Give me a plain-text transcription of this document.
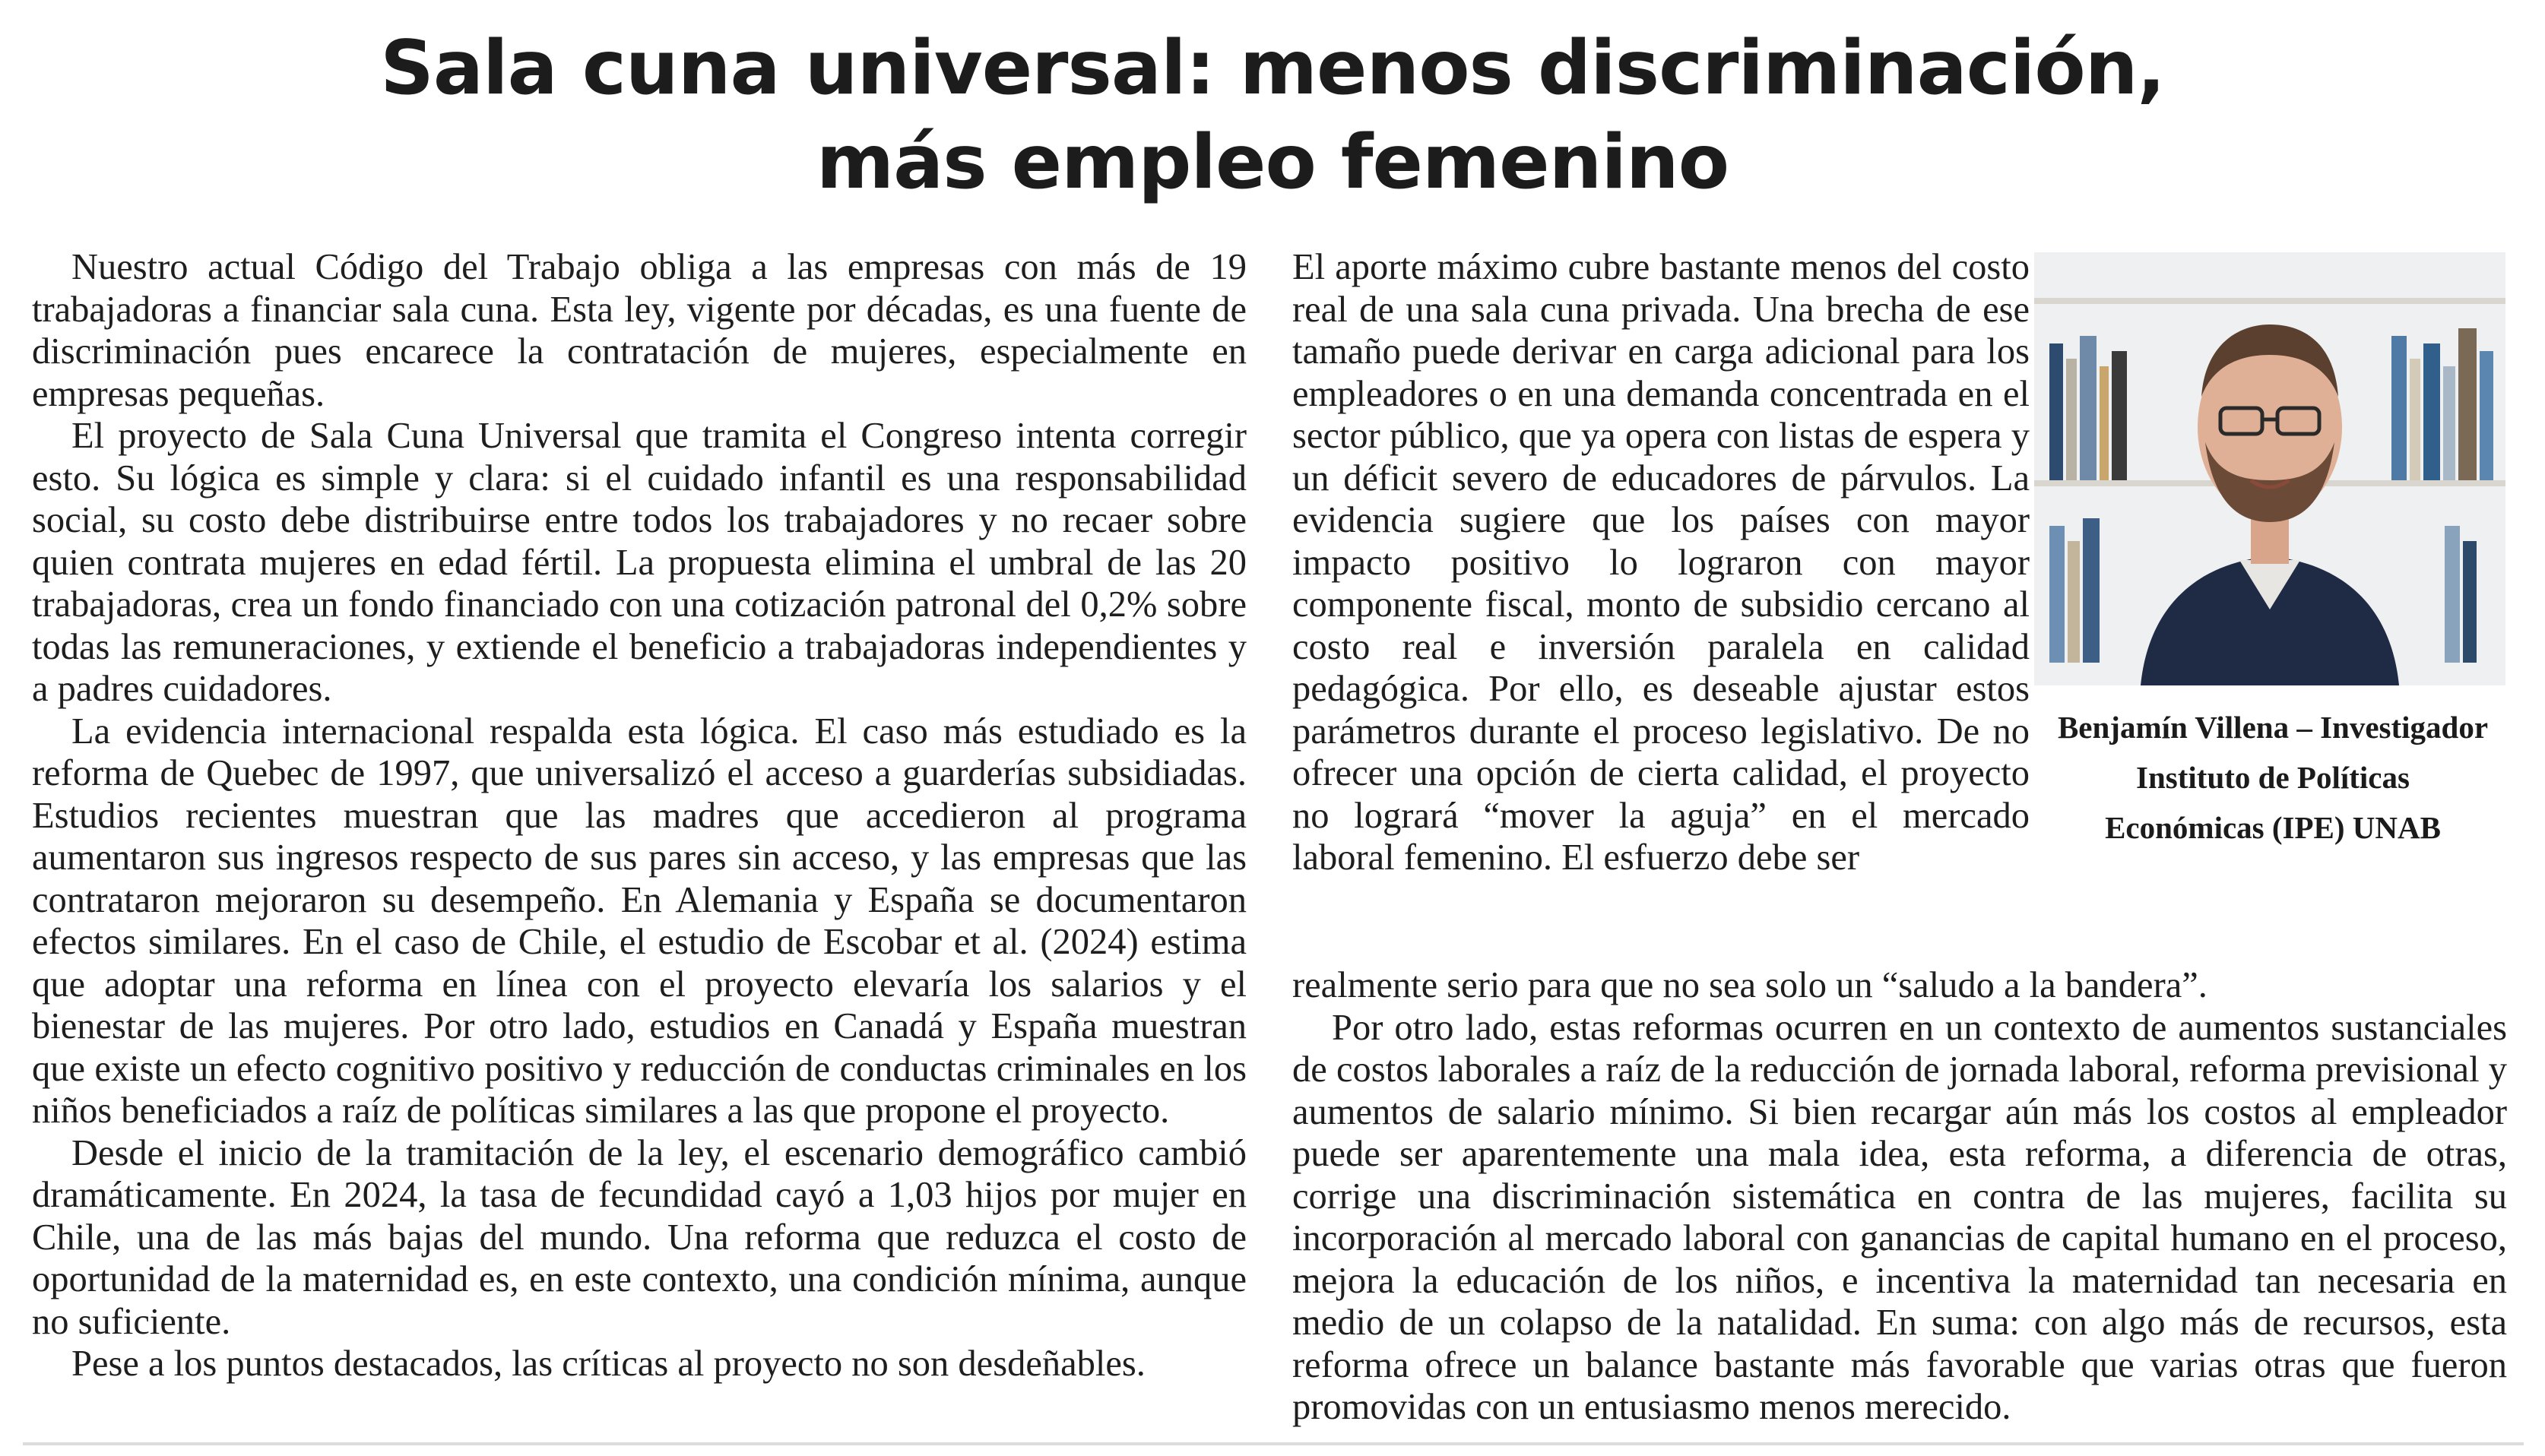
Sala cuna universal: menos discriminación,
más empleo femenino

Nuestro actual Código del Trabajo obliga a las empresas con más de 19 trabajadoras a financiar sala cuna. Esta ley, vigente por décadas, es una fuente de discriminación pues encarece la contratación de mujeres, especialmente en empresas pequeñas.

El proyecto de Sala Cuna Universal que tramita el Congreso intenta corregir esto. Su lógica es simple y clara: si el cuidado infantil es una responsabilidad social, su costo debe distribuirse entre todos los trabajadores y no recaer sobre quien contrata mujeres en edad fértil. La propuesta elimina el umbral de las 20 trabajadoras, crea un fondo financiado con una cotización patronal del 0,2% sobre todas las remuneraciones, y extiende el beneficio a trabajadoras independientes y a padres cuidadores.

La evidencia internacional respalda esta lógica. El caso más estudiado es la reforma de Quebec de 1997, que universalizó el acceso a guarderías subsidiadas. Estudios recientes muestran que las madres que accedieron al programa aumentaron sus ingresos respecto de sus pares sin acceso, y las empresas que las contrataron mejoraron su desempeño. En Alemania y España se documentaron efectos similares. En el caso de Chile, el estudio de Escobar et al. (2024) estima que adoptar una reforma en línea con el proyecto elevaría los salarios y el bienestar de las mujeres. Por otro lado, estudios en Canadá y España muestran que existe un efecto cognitivo positivo y reducción de conductas criminales en los niños beneficiados a raíz de políticas similares a las que propone el proyecto.

Desde el inicio de la tramitación de la ley, el escenario demográfico cambió dramáticamente. En 2024, la tasa de fecundidad cayó a 1,03 hijos por mujer en Chile, una de las más bajas del mundo. Una reforma que reduzca el costo de oportunidad de la maternidad es, en este contexto, una condición mínima, aunque no suficiente.

Pese a los puntos destacados, las críticas al proyecto no son desdeñables.

El aporte máximo cubre bastante menos del costo real de una sala cuna privada. Una brecha de ese tamaño puede derivar en carga adicional para los empleadores o en una demanda concentrada en el sector público, que ya opera con listas de espera y un déficit severo de educadores de párvulos. La evidencia sugiere que los países con mayor impacto positivo lo lograron con mayor componente fiscal, monto de subsidio cercano al costo real e inversión paralela en calidad pedagógica. Por ello, es deseable ajustar estos parámetros durante el proceso legislativo. De no ofrecer una opción de cierta calidad, el proyecto no logrará “mover la aguja” en el mercado laboral femenino. El esfuerzo debe ser

Benjamín Villena – Investigador
Instituto de Políticas
Económicas (IPE) UNAB

realmente serio para que no sea solo un “saludo a la bandera”.

Por otro lado, estas reformas ocurren en un contexto de aumentos sustanciales de costos laborales a raíz de la reducción de jornada laboral, reforma previsional y aumentos de salario mínimo. Si bien recargar aún más los costos al empleador puede ser aparentemente una mala idea, esta reforma, a diferencia de otras, corrige una discriminación sistemática en contra de las mujeres, facilita su incorporación al mercado laboral con ganancias de capital humano en el proceso, mejora la educación de los niños, e incentiva la maternidad tan necesaria en medio de un colapso de la natalidad. En suma: con algo más de recursos, esta reforma ofrece un balance bastante más favorable que varias otras que fueron promovidas con un entusiasmo menos merecido.
